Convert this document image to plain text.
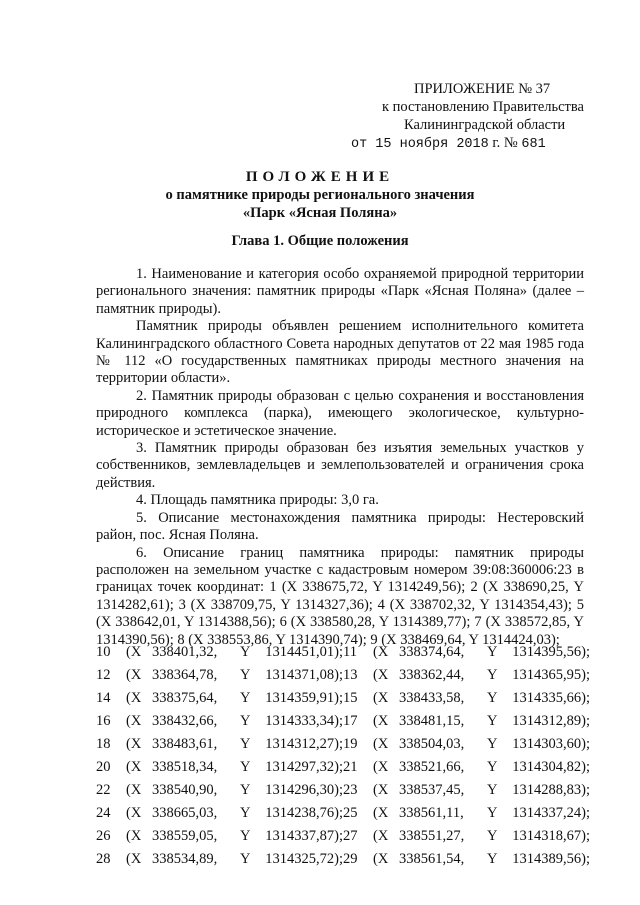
ПРИЛОЖЕНИЕ № 37
к постановлению Правительства
Калининградской области
от 15 ноября 2018 г. № 681
ПОЛОЖЕНИЕ
о памятнике природы регионального значения
«Парк «Ясная Поляна»
Глава 1. Общие положения

1. Наименование и категория особо охраняемой природной территории регионального значения: памятник природы «Парк «Ясная Поляна» (далее – памятник природы).

Памятник природы объявлен решением исполнительного комитета Калининградского областного Совета народных депутатов от 22 мая 1985 года № 112 «О государственных памятниках природы местного значения на территории области».

2. Памятник природы образован с целью сохранения и восстановления природного комплекса (парка), имеющего экологическое, культурно-историческое и эстетическое значение.

3. Памятник природы образован без изъятия земельных участков у собственников, землевладельцев и землепользователей и ограничения срока действия.

4. Площадь памятника природы: 3,0 га.

5. Описание местонахождения памятника природы: Нестеровский район, пос. Ясная Поляна.

6. Описание границ памятника природы: памятник природы расположен на земельном участке с кадастровым номером 39:08:360006:23 в границах точек координат: 1 (X 338675,72, Y 1314249,56); 2 (X 338690,25, Y 1314282,61); 3 (X 338709,75, Y 1314327,36); 4 (X 338702,32, Y 1314354,43); 5 (X 338642,01, Y 1314388,56); 6 (X 338580,28, Y 1314389,77); 7 (X 338572,85, Y 1314390,56); 8 (X 338553,86, Y 1314390,74); 9 (X 338469,64, Y 1314424,03);

10	(X 338401,32,	Y	1314451,01); 11	(X 338374,64,	Y	1314395,56);
12	(X 338364,78,	Y	1314371,08); 13	(X 338362,44,	Y	1314365,95);
14	(X 338375,64,	Y	1314359,91); 15	(X 338433,58,	Y	1314335,66);
16	(X 338432,66,	Y	1314333,34); 17	(X 338481,15,	Y	1314312,89);
18	(X 338483,61,	Y	1314312,27); 19	(X 338504,03,	Y	1314303,60);
20	(X 338518,34,	Y	1314297,32); 21	(X 338521,66,	Y	1314304,82);
22	(X 338540,90,	Y	1314296,30); 23	(X 338537,45,	Y	1314288,83);
24	(X 338665,03,	Y	1314238,76); 25	(X 338561,11,	Y	1314337,24);
26	(X 338559,05,	Y	1314337,87); 27	(X 338551,27,	Y	1314318,67);
28	(X 338534,89,	Y	1314325,72); 29	(X 338561,54,	Y	1314389,56);
